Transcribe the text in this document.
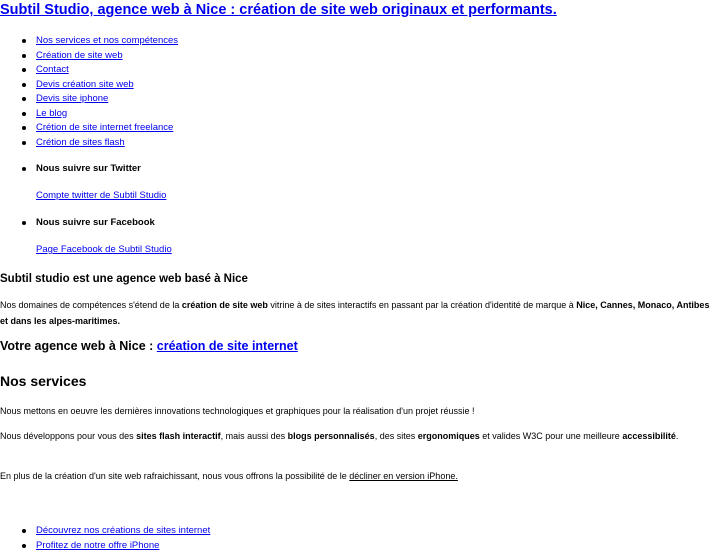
Subtil Studio, agence web à Nice : création de site web originaux et performants.
Nos services et nos compétences
Création de site web
Contact
Devis création site web
Devis site iphone
Le blog
Crétion de site internet freelance
Crétion de sites flash
Nous suivre sur Twitter
Compte twitter de Subtil Studio
Nous suivre sur Facebook
Page Facebook de Subtil Studio
Subtil studio est une agence web basé à Nice

Nos domaines de compétences s'étend de la création de site web vitrine à de sites interactifs en passant par la création d'identité de marque à Nice, Cannes, Monaco, Antibes et dans les alpes-maritimes.

Votre agence web à Nice : création de site internet
Nos services

Nous mettons en oeuvre les dernières innovations technologiques et graphiques pour la réalisation d'un projet réussie !

Nous développons pour vous des sites flash interactif, mais aussi des blogs personnalisés, des sites ergonomiques et valides W3C pour une meilleure accessibilité.

En plus de la création d'un site web rafraichissant, nous vous offrons la possibilité de le décliner en version iPhone.

Découvrez nos créations de sites internet
Profitez de notre offre iPhone
